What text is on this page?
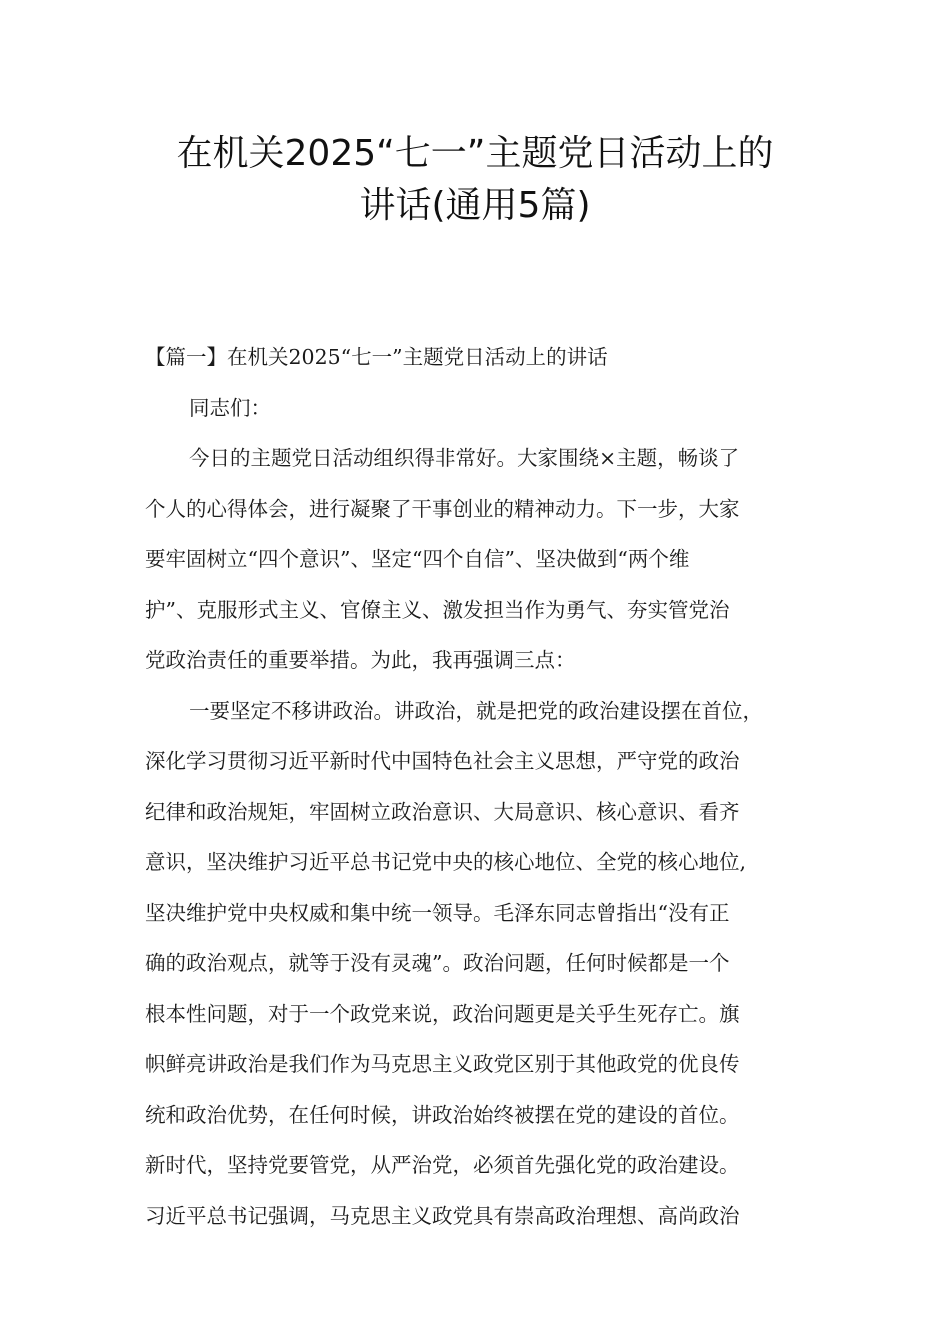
在机关2025“七一”主题党日活动上的
讲话(通用5篇)
【篇一】在机关2025“七一”主题党日活动上的讲话
同志们：
今日的主题党日活动组织得非常好。大家围绕×主题，畅谈了
个人的心得体会，进行凝聚了干事创业的精神动力。下一步，大家
要牢固树立“四个意识”、坚定“四个自信”、坚决做到“两个维
护”、克服形式主义、官僚主义、激发担当作为勇气、夯实管党治
党政治责任的重要举措。为此，我再强调三点：
一要坚定不移讲政治。讲政治，就是把党的政治建设摆在首位，
深化学习贯彻习近平新时代中国特色社会主义思想，严守党的政治
纪律和政治规矩，牢固树立政治意识、大局意识、核心意识、看齐
意识，坚决维护习近平总书记党中央的核心地位、全党的核心地位,
坚决维护党中央权威和集中统一领导。毛泽东同志曾指出“没有正
确的政治观点，就等于没有灵魂”。政治问题，任何时候都是一个
根本性问题，对于一个政党来说，政治问题更是关乎生死存亡。旗
帜鲜亮讲政治是我们作为马克思主义政党区别于其他政党的优良传
统和政治优势，在任何时候，讲政治始终被摆在党的建设的首位。
新时代，坚持党要管党，从严治党，必须首先强化党的政治建设。
习近平总书记强调，马克思主义政党具有崇高政治理想、高尚政治
